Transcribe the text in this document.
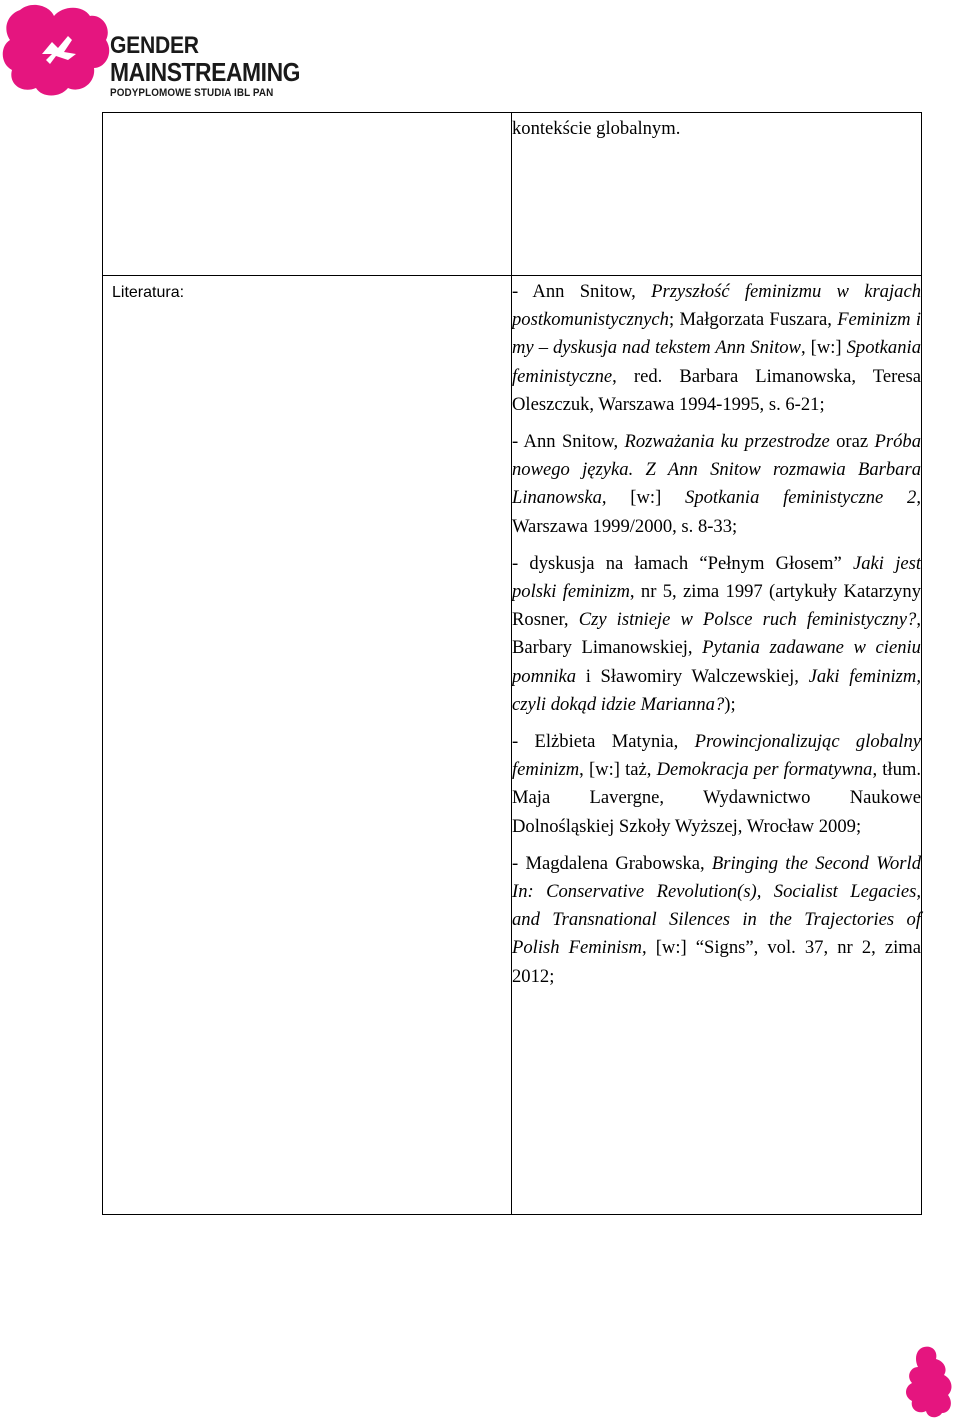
GENDER
MAINSTREAMING
PODYPLOMOWE STUDIA IBL PAN

	kontekście globalnym.

Literatura:	- Ann Snitow, Przyszłość feminizmu w krajach postkomunistycznych; Małgorzata Fuszara, Feminizm i my – dyskusja nad tekstem Ann Snitow, [w:] Spotkania feministyczne, red. Barbara Limanowska, Teresa Oleszczuk, Warszawa 1994-1995, s. 6-21;

- Ann Snitow, Rozważania ku przestrodze oraz Próba nowego języka. Z Ann Snitow rozmawia Barbara Linanowska, [w:] Spotkania feministyczne 2, Warszawa 1999/2000, s. 8-33;

- dyskusja na łamach “Pełnym Głosem” Jaki jest polski feminizm, nr 5, zima 1997 (artykuły Katarzyny Rosner, Czy istnieje w Polsce ruch feministyczny?, Barbary Limanowskiej, Pytania zadawane w cieniu pomnika i Sławomiry Walczewskiej, Jaki feminizm, czyli dokąd idzie Marianna?);

- Elżbieta Matynia, Prowincjonalizując globalny feminizm, [w:] taż, Demokracja per formatywna, tłum. Maja Lavergne, Wydawnictwo Naukowe Dolnośląskiej Szkoły Wyższej, Wrocław 2009;

- Magdalena Grabowska, Bringing the Second World In: Conservative Revolution(s), Socialist Legacies, and Transnational Silences in the Trajectories of Polish Feminism, [w:] “Signs”, vol. 37, nr 2, zima 2012;
